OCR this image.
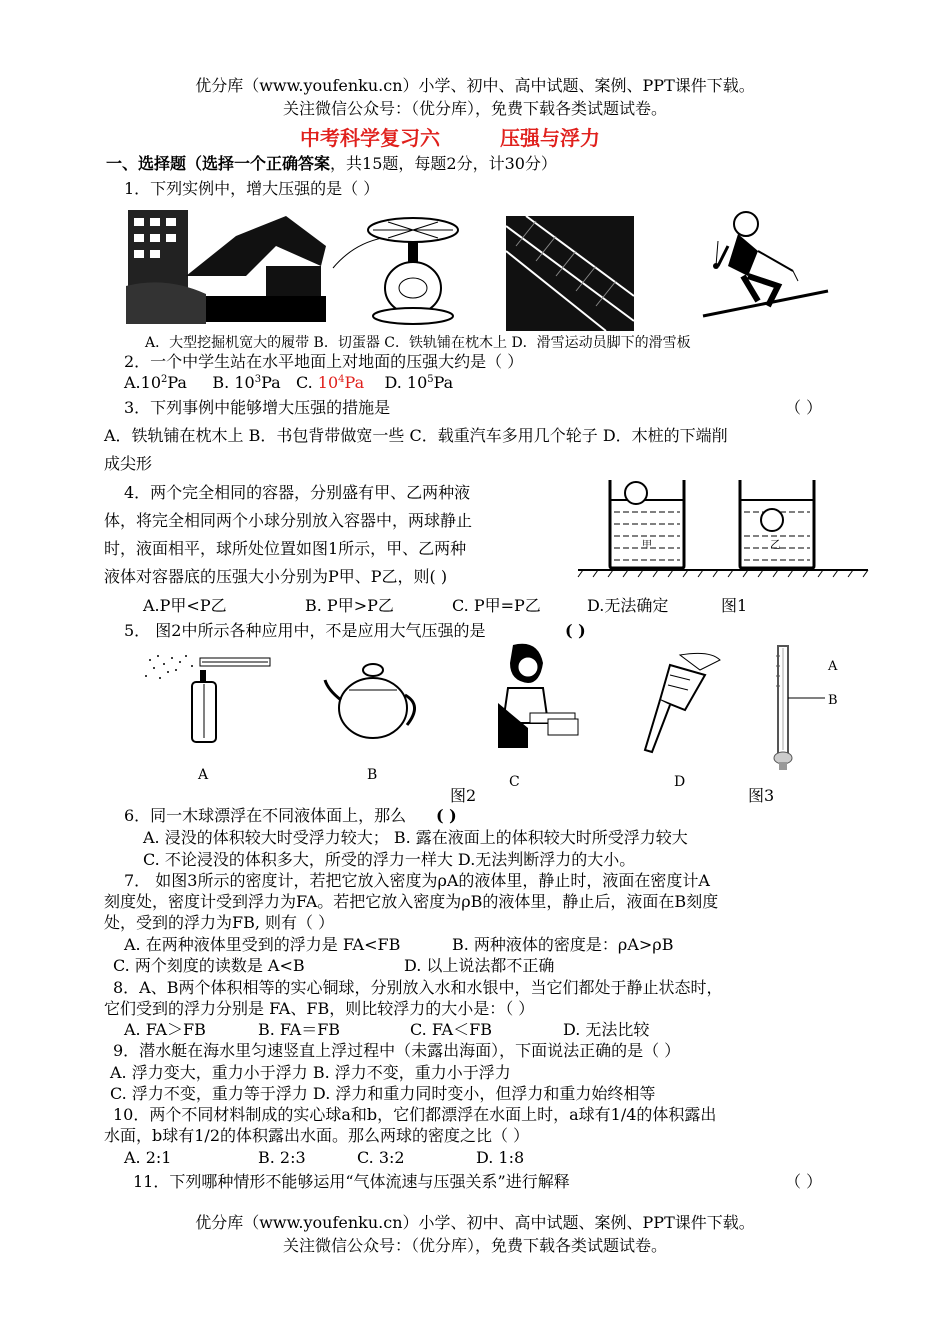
优分库（www.youfenku.cn）小学、初中、高中试题、案例、PPT课件下载。
关注微信公众号：（优分库），免费下载各类试题试卷。
中考科学复习六	压强与浮力
一、选择题（选择一个正确答案，共15题，每题2分，计30分）
1．下列实例中，增大压强的是（ ）
A．大型挖掘机宽大的履带 B．切蛋器 C．铁轨铺在枕木上 D．滑雪运动员脚下的滑雪板
2．一个中学生站在水平地面上对地面的压强大约是（ ）
$A.10^2Pa$ B. $10^3Pa$ C. $10^4Pa$ D. $10^5Pa$
3．下列事例中能够增大压强的措施是	（ ）
A．铁轨铺在枕木上 B．书包背带做宽一些 C．载重汽车多用几个轮子 D．木桩的下端削
成尖形
4．两个完全相同的容器，分别盛有甲、乙两种液
体，将完全相同两个小球分别放入容器中，两球静止
时，液面相平，球所处位置如图1所示，甲、乙两种
液体对容器底的压强大小分别为P甲、P乙，则( )
甲	乙
A.P甲<P乙	B. P甲>P乙	C. P甲=P乙	D.无法确定	图1
5． 图2中所示各种应用中，不是应用大气压强的是	( )
A	B	C	D
A
B
图2	图3
6．同一木球漂浮在不同液体面上，那么 ( )
A. 浸没的体积较大时受浮力较大； B. 露在液面上的体积较大时所受浮力较大
C. 不论浸没的体积多大，所受的浮力一样大 D.无法判断浮力的大小。
7． 如图3所示的密度计，若把它放入密度为ρA的液体里，静止时，液面在密度计A
刻度处，密度计受到浮力为FA。若把它放入密度为ρB的液体里，静止后，液面在B刻度
处，受到的浮力为FB, 则有（ ）
A. 在两种液体里受到的浮力是 FA<FB	B. 两种液体的密度是：ρA>ρB
C. 两个刻度的读数是 A<B	D. 以上说法都不正确
8．A、B两个体积相等的实心铜球，分别放入水和水银中，当它们都处于静止状态时，
它们受到的浮力分别是 FA、FB，则比较浮力的大小是：（ ）
A. FA＞FB	B. FA＝FB	C. FA＜FB	D. 无法比较
9．潜水艇在海水里匀速竖直上浮过程中（未露出海面），下面说法正确的是（ ）
A. 浮力变大，重力小于浮力 B. 浮力不变，重力小于浮力
C. 浮力不变，重力等于浮力 D. 浮力和重力同时变小，但浮力和重力始终相等
10．两个不同材料制成的实心球a和b，它们都漂浮在水面上时，a球有1/4的体积露出
水面，b球有1/2的体积露出水面。那么两球的密度之比（ ）
A. 2:1	B. 2:3	C. 3:2	D. 1:8
11．下列哪种情形不能够运用“气体流速与压强关系”进行解释	（ ）
优分库（www.youfenku.cn）小学、初中、高中试题、案例、PPT课件下载。
关注微信公众号：（优分库），免费下载各类试题试卷。
